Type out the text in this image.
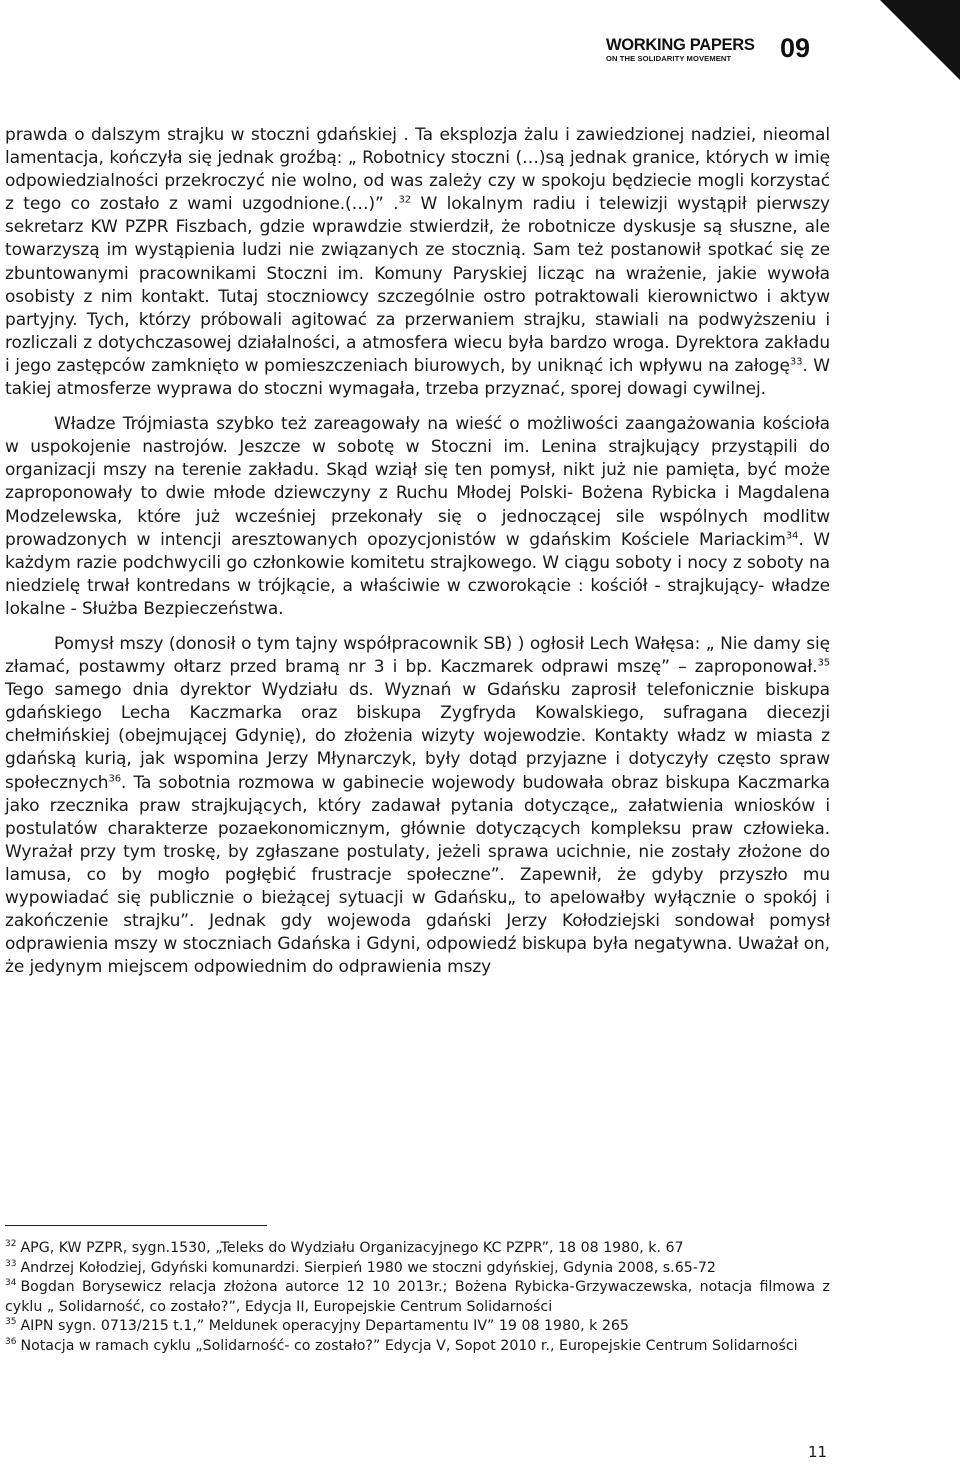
WORKING PAPERS
ON THE SOLIDARITY MOVEMENT	09

prawda o dalszym strajku w stoczni gdańskiej . Ta eksplozja żalu i zawiedzionej nadziei, nieomal lamentacja, kończyła się jednak groźbą: „ Robotnicy stoczni (…)są jednak granice, których w imię odpowiedzialności przekroczyć nie wolno, od was zależy czy w spokoju będziecie mogli korzystać z tego co zostało z wami uzgodnione.(…)” .$^{32}$ W lokalnym radiu i telewizji wystąpił pierwszy sekretarz KW PZPR Fiszbach, gdzie wprawdzie stwierdził, że robotnicze dyskusje są słuszne, ale towarzyszą im wystąpienia ludzi nie związanych ze stocznią. Sam też postanowił spotkać się ze zbuntowanymi pracownikami Stoczni im. Komuny Paryskiej licząc na wrażenie, jakie wywoła osobisty z nim kontakt. Tutaj stoczniowcy szczególnie ostro potraktowali kierownictwo i aktyw partyjny. Tych, którzy próbowali agitować za przerwaniem strajku, stawiali na podwyższeniu i rozliczali z dotychczasowej działalności, a atmosfera wiecu była bardzo wroga. Dyrektora zakładu i jego zastępców zamknięto w pomieszczeniach biurowych, by uniknąć ich wpływu na załogę$^{33}$. W takiej atmosferze wyprawa do stoczni wymagała, trzeba przyznać, sporej dowagi cywilnej.

Władze Trójmiasta szybko też zareagowały na wieść o możliwości zaangażowania kościoła w uspokojenie nastrojów. Jeszcze w sobotę w Stoczni im. Lenina strajkujący przystąpili do organizacji mszy na terenie zakładu. Skąd wziął się ten pomysł, nikt już nie pamięta, być może zaproponowały to dwie młode dziewczyny z Ruchu Młodej Polski- Bożena Rybicka i Magdalena Modzelewska, które już wcześniej przekonały się o jednoczącej sile wspólnych modlitw prowadzonych w intencji aresztowanych opozycjonistów w gdańskim Kościele Mariackim$^{34}$. W każdym razie podchwycili go członkowie komitetu strajkowego. W ciągu soboty i nocy z soboty na niedzielę trwał kontredans w trójkącie, a właściwie w czworokącie : kościół - strajkujący- władze lokalne - Służba Bezpieczeństwa.

Pomysł mszy (donosił o tym tajny współpracownik SB) ) ogłosił Lech Wałęsa: „ Nie damy się złamać, postawmy ołtarz przed bramą nr 3 i bp. Kaczmarek odprawi mszę” – zaproponował.$^{35}$ Tego samego dnia dyrektor Wydziału ds. Wyznań w Gdańsku zaprosił telefonicznie biskupa gdańskiego Lecha Kaczmarka oraz biskupa Zygfryda Kowalskiego, sufragana diecezji chełmińskiej (obejmującej Gdynię), do złożenia wizyty wojewodzie. Kontakty władz w miasta z gdańską kurią, jak wspomina Jerzy Młynarczyk, były dotąd przyjazne i dotyczyły często spraw społecznych$^{36}$. Ta sobotnia rozmowa w gabinecie wojewody budowała obraz biskupa Kaczmarka jako rzecznika praw strajkujących, który zadawał pytania dotyczące„ załatwienia wniosków i postulatów charakterze pozaekonomicznym, głównie dotyczących kompleksu praw człowieka. Wyrażał przy tym troskę, by zgłaszane postulaty, jeżeli sprawa ucichnie, nie zostały złożone do lamusa, co by mogło pogłębić frustracje społeczne”. Zapewnił, że gdyby przyszło mu wypowiadać się publicznie o bieżącej sytuacji w Gdańsku„ to apelowałby wyłącznie o spokój i zakończenie strajku”. Jednak gdy wojewoda gdański Jerzy Kołodziejski sondował pomysł odprawienia mszy w stoczniach Gdańska i Gdyni, odpowiedź biskupa była negatywna. Uważał on, że jedynym miejscem odpowiednim do odprawienia mszy

$^{32}$ APG, KW PZPR, sygn.1530, „Teleks do Wydziału Organizacyjnego KC PZPR”, 18 08 1980, k. 67

$^{33}$ Andrzej Kołodziej, Gdyński komunardzi. Sierpień 1980 we stoczni gdyńskiej, Gdynia 2008, s.65-72

$^{34}$ Bogdan Borysewicz relacja złożona autorce 12 10 2013r.; Bożena Rybicka-Grzywaczewska, notacja filmowa z cyklu „ Solidarność, co zostało?”, Edycja II, Europejskie Centrum Solidarności

$^{35}$ AIPN sygn. 0713/215 t.1,” Meldunek operacyjny Departamentu IV” 19 08 1980, k 265

$^{36}$ Notacja w ramach cyklu „Solidarność- co zostało?” Edycja V, Sopot 2010 r., Europejskie Centrum Solidarności

11
